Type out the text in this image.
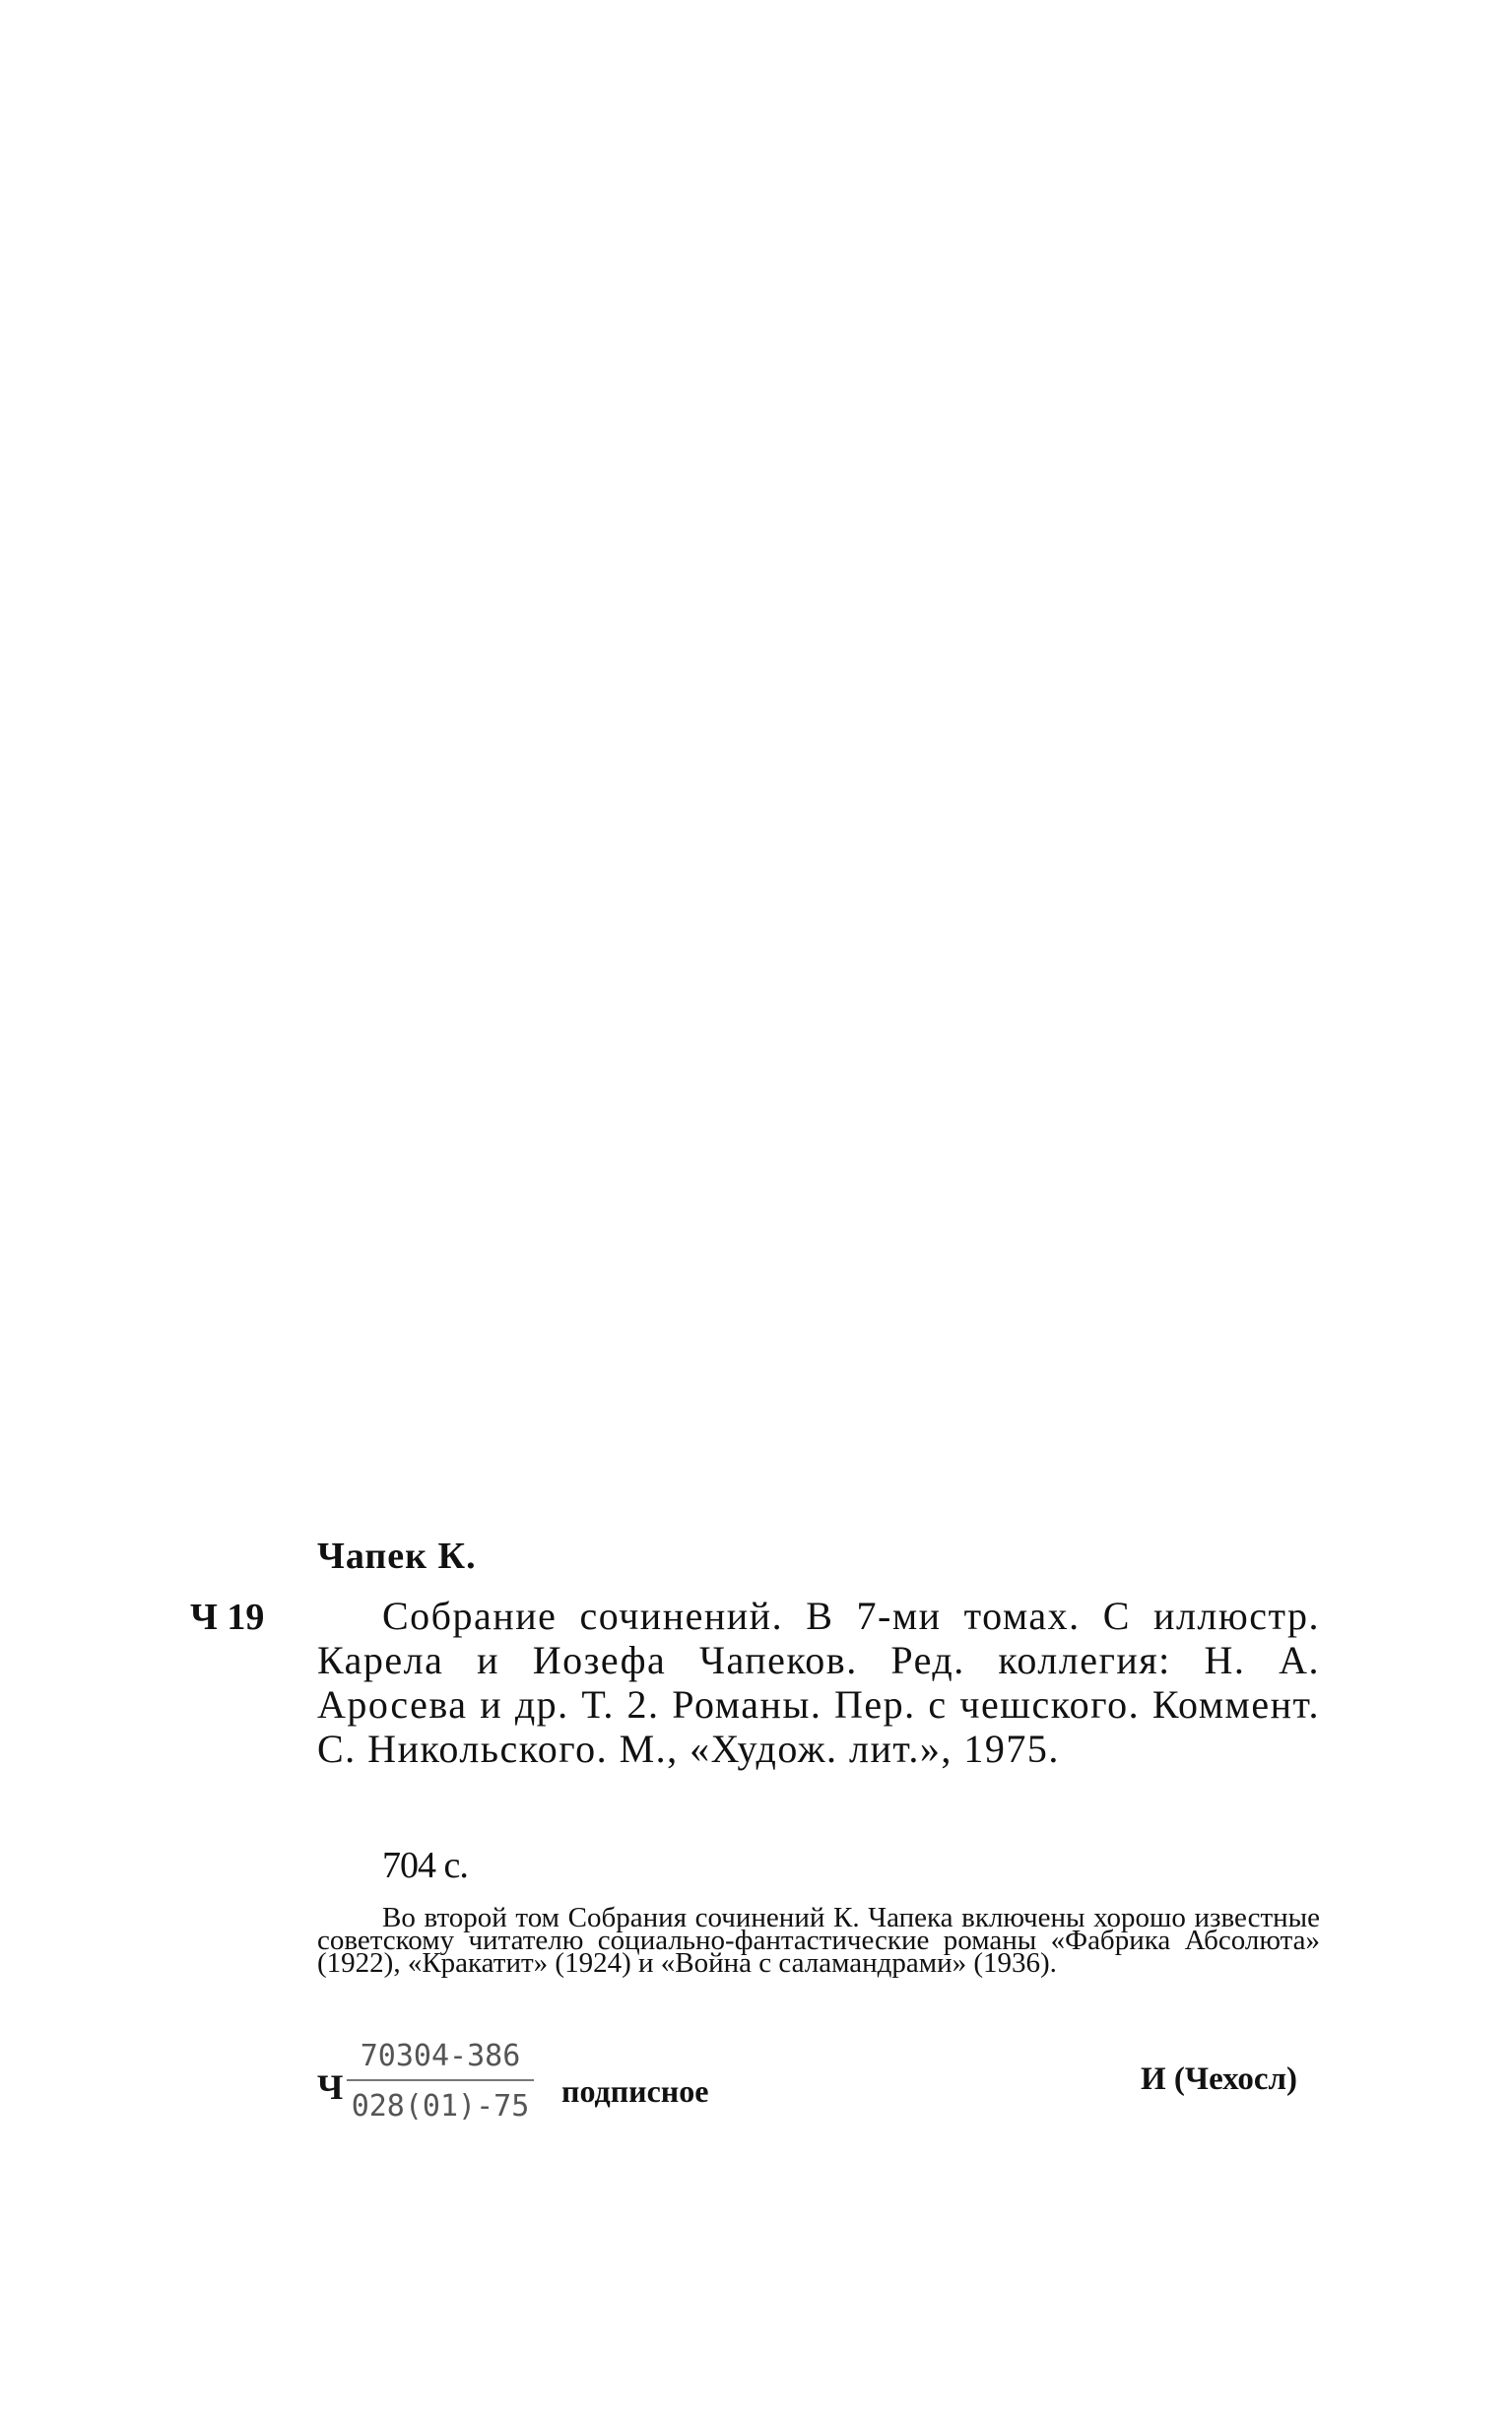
Чапек К.
Ч 19	Собрание сочинений. В 7-ми томах. С иллюстр. Карела и Иозефа Чапеков. Ред. коллегия: Н. А. Аросева и др. Т. 2. Романы. Пер. с чешского. Коммент. С. Никольского. М., «Худож. лит.», 1975.

704 с.

Во второй том Собрания сочинений К. Чапека включены хорошо известные советскому читателю социально-фантастические романы «Фабрика Абсолюта» (1922), «Кракатит» (1924) и «Война с саламандрами» (1936).

Ч $\frac{70304-386}{028(01)-75}$ подписное	И (Чехосл)
